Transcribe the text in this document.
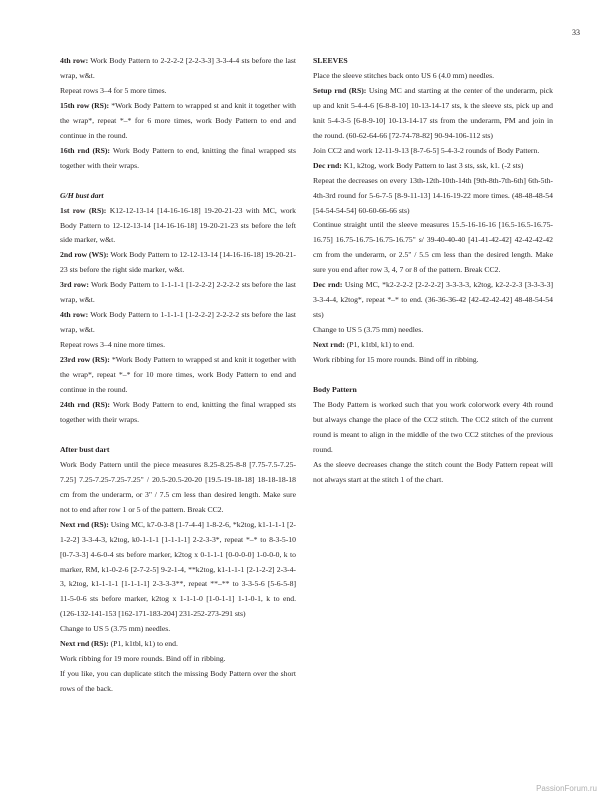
33

4th row: Work Body Pattern to 2-2-2-2 [2-2-3-3] 3-3-4-4 sts before the last wrap, w&t.

Repeat rows 3–4 for 5 more times.

15th row (RS): *Work Body Pattern to wrapped st and knit it together with the wrap*, repeat *–* for 6 more times, work Body Pattern to end and continue in the round.

16th rnd (RS): Work Body Pattern to end, knitting the final wrapped sts together with their wraps.

G/H bust dart

1st row (RS): K12-12-13-14 [14-16-16-18] 19-20-21-23 with MC, work Body Pattern to 12-12-13-14 [14-16-16-18] 19-20-21-23 sts before the left side marker, w&t.

2nd row (WS): Work Body Pattern to 12-12-13-14 [14-16-16-18] 19-20-21-23 sts before the right side marker, w&t.

3rd row: Work Body Pattern to 1-1-1-1 [1-2-2-2] 2-2-2-2 sts before the last wrap, w&t.

4th row: Work Body Pattern to 1-1-1-1 [1-2-2-2] 2-2-2-2 sts before the last wrap, w&t.

Repeat rows 3–4 nine more times.

23rd row (RS): *Work Body Pattern to wrapped st and knit it together with the wrap*, repeat *–* for 10 more times, work Body Pattern to end and continue in the round.

24th rnd (RS): Work Body Pattern to end, knitting the final wrapped sts together with their wraps.

After bust dart

Work Body Pattern until the piece measures 8.25-8.25-8-8 [7.75-7.5-7.25-7.25] 7.25-7.25-7.25-7.25" / 20.5-20.5-20-20 [19.5-19-18-18] 18-18-18-18 cm from the underarm, or 3" / 7.5 cm less than desired length. Make sure not to end after row 1 or 5 of the pattern. Break CC2.

Next rnd (RS): Using MC, k7-0-3-8 [1-7-4-4] 1-8-2-6, *k2tog, k1-1-1-1 [2-1-2-2] 3-3-4-3, k2tog, k0-1-1-1 [1-1-1-1] 2-2-3-3*, repeat *–* to 8-3-5-10 [0-7-3-3] 4-6-0-4 sts before marker, k2tog x 0-1-1-1 [0-0-0-0] 1-0-0-0, k to marker, RM, k1-0-2-6 [2-7-2-5] 9-2-1-4, **k2tog, k1-1-1-1 [2-1-2-2] 2-3-4-3, k2tog, k1-1-1-1 [1-1-1-1] 2-3-3-3**, repeat **–** to 3-3-5-6 [5-6-5-8] 11-5-0-6 sts before marker, k2tog x 1-1-1-0 [1-0-1-1] 1-1-0-1, k to end. (126-132-141-153 [162-171-183-204] 231-252-273-291 sts)

Change to US 5 (3.75 mm) needles.

Next rnd (RS): (P1, k1tbl, k1) to end.

Work ribbing for 19 more rounds. Bind off in ribbing.

If you like, you can duplicate stitch the missing Body Pattern over the short rows of the back.

SLEEVES

Place the sleeve stitches back onto US 6 (4.0 mm) needles.

Setup rnd (RS): Using MC and starting at the center of the underarm, pick up and knit 5-4-4-6 [6-8-8-10] 10-13-14-17 sts, k the sleeve sts, pick up and knit 5-4-3-5 [6-8-9-10] 10-13-14-17 sts from the underarm, PM and join in the round. (60-62-64-66 [72-74-78-82] 90-94-106-112 sts)

Join CC2 and work 12-11-9-13 [8-7-6-5] 5-4-3-2 rounds of Body Pattern.

Dec rnd: K1, k2tog, work Body Pattern to last 3 sts, ssk, k1. (-2 sts)

Repeat the decreases on every 13th-12th-10th-14th [9th-8th-7th-6th] 6th-5th-4th-3rd round for 5-6-7-5 [8-9-11-13] 14-16-19-22 more times. (48-48-48-54 [54-54-54-54] 60-60-66-66 sts)

Continue straight until the sleeve measures 15.5-16-16-16 [16.5-16.5-16.75-16.75] 16.75-16.75-16.75-16.75" s/ 39-40-40-40 [41-41-42-42] 42-42-42-42 cm from the underarm, or 2.5" / 5.5 cm less than the desired length. Make sure you end after row 3, 4, 7 or 8 of the pattern. Break CC2.

Dec rnd: Using MC, *k2-2-2-2 [2-2-2-2] 3-3-3-3, k2tog, k2-2-2-3 [3-3-3-3] 3-3-4-4, k2tog*, repeat *–* to end. (36-36-36-42 [42-42-42-42] 48-48-54-54 sts)

Change to US 5 (3.75 mm) needles.

Next rnd: (P1, k1tbl, k1) to end.

Work ribbing for 15 more rounds. Bind off in ribbing.

Body Pattern

The Body Pattern is worked such that you work colorwork every 4th round but always change the place of the CC2 stitch. The CC2 stitch of the current round is meant to align in the middle of the two CC2 stitches of the previous round.

As the sleeve decreases change the stitch count the Body Pattern repeat will not always start at the stitch 1 of the chart.

PassionForum.ru
